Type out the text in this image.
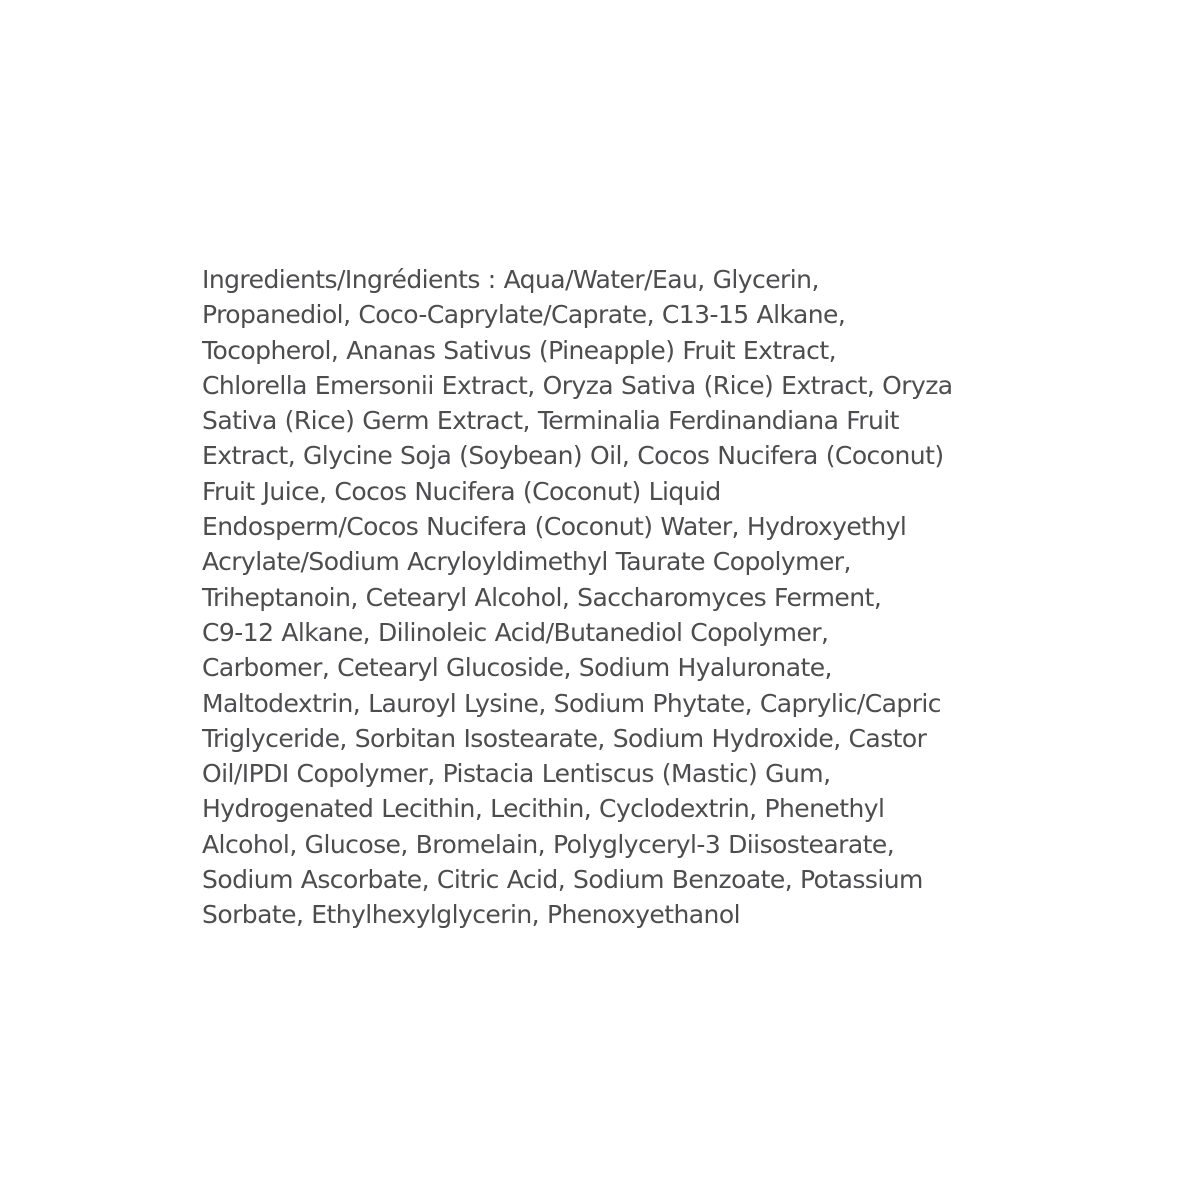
Ingredients/Ingrédients : Aqua/Water/Eau, Glycerin,
Propanediol, Coco-Caprylate/Caprate, C13-15 Alkane,
Tocopherol, Ananas Sativus (Pineapple) Fruit Extract,
Chlorella Emersonii Extract, Oryza Sativa (Rice) Extract, Oryza
Sativa (Rice) Germ Extract, Terminalia Ferdinandiana Fruit
Extract, Glycine Soja (Soybean) Oil, Cocos Nucifera (Coconut)
Fruit Juice, Cocos Nucifera (Coconut) Liquid
Endosperm/Cocos Nucifera (Coconut) Water, Hydroxyethyl
Acrylate/Sodium Acryloyldimethyl Taurate Copolymer,
Triheptanoin, Cetearyl Alcohol, Saccharomyces Ferment,
C9-12 Alkane, Dilinoleic Acid/Butanediol Copolymer,
Carbomer, Cetearyl Glucoside, Sodium Hyaluronate,
Maltodextrin, Lauroyl Lysine, Sodium Phytate, Caprylic/Capric
Triglyceride, Sorbitan Isostearate, Sodium Hydroxide, Castor
Oil/IPDI Copolymer, Pistacia Lentiscus (Mastic) Gum,
Hydrogenated Lecithin, Lecithin, Cyclodextrin, Phenethyl
Alcohol, Glucose, Bromelain, Polyglyceryl-3 Diisostearate,
Sodium Ascorbate, Citric Acid, Sodium Benzoate, Potassium
Sorbate, Ethylhexylglycerin, Phenoxyethanol
